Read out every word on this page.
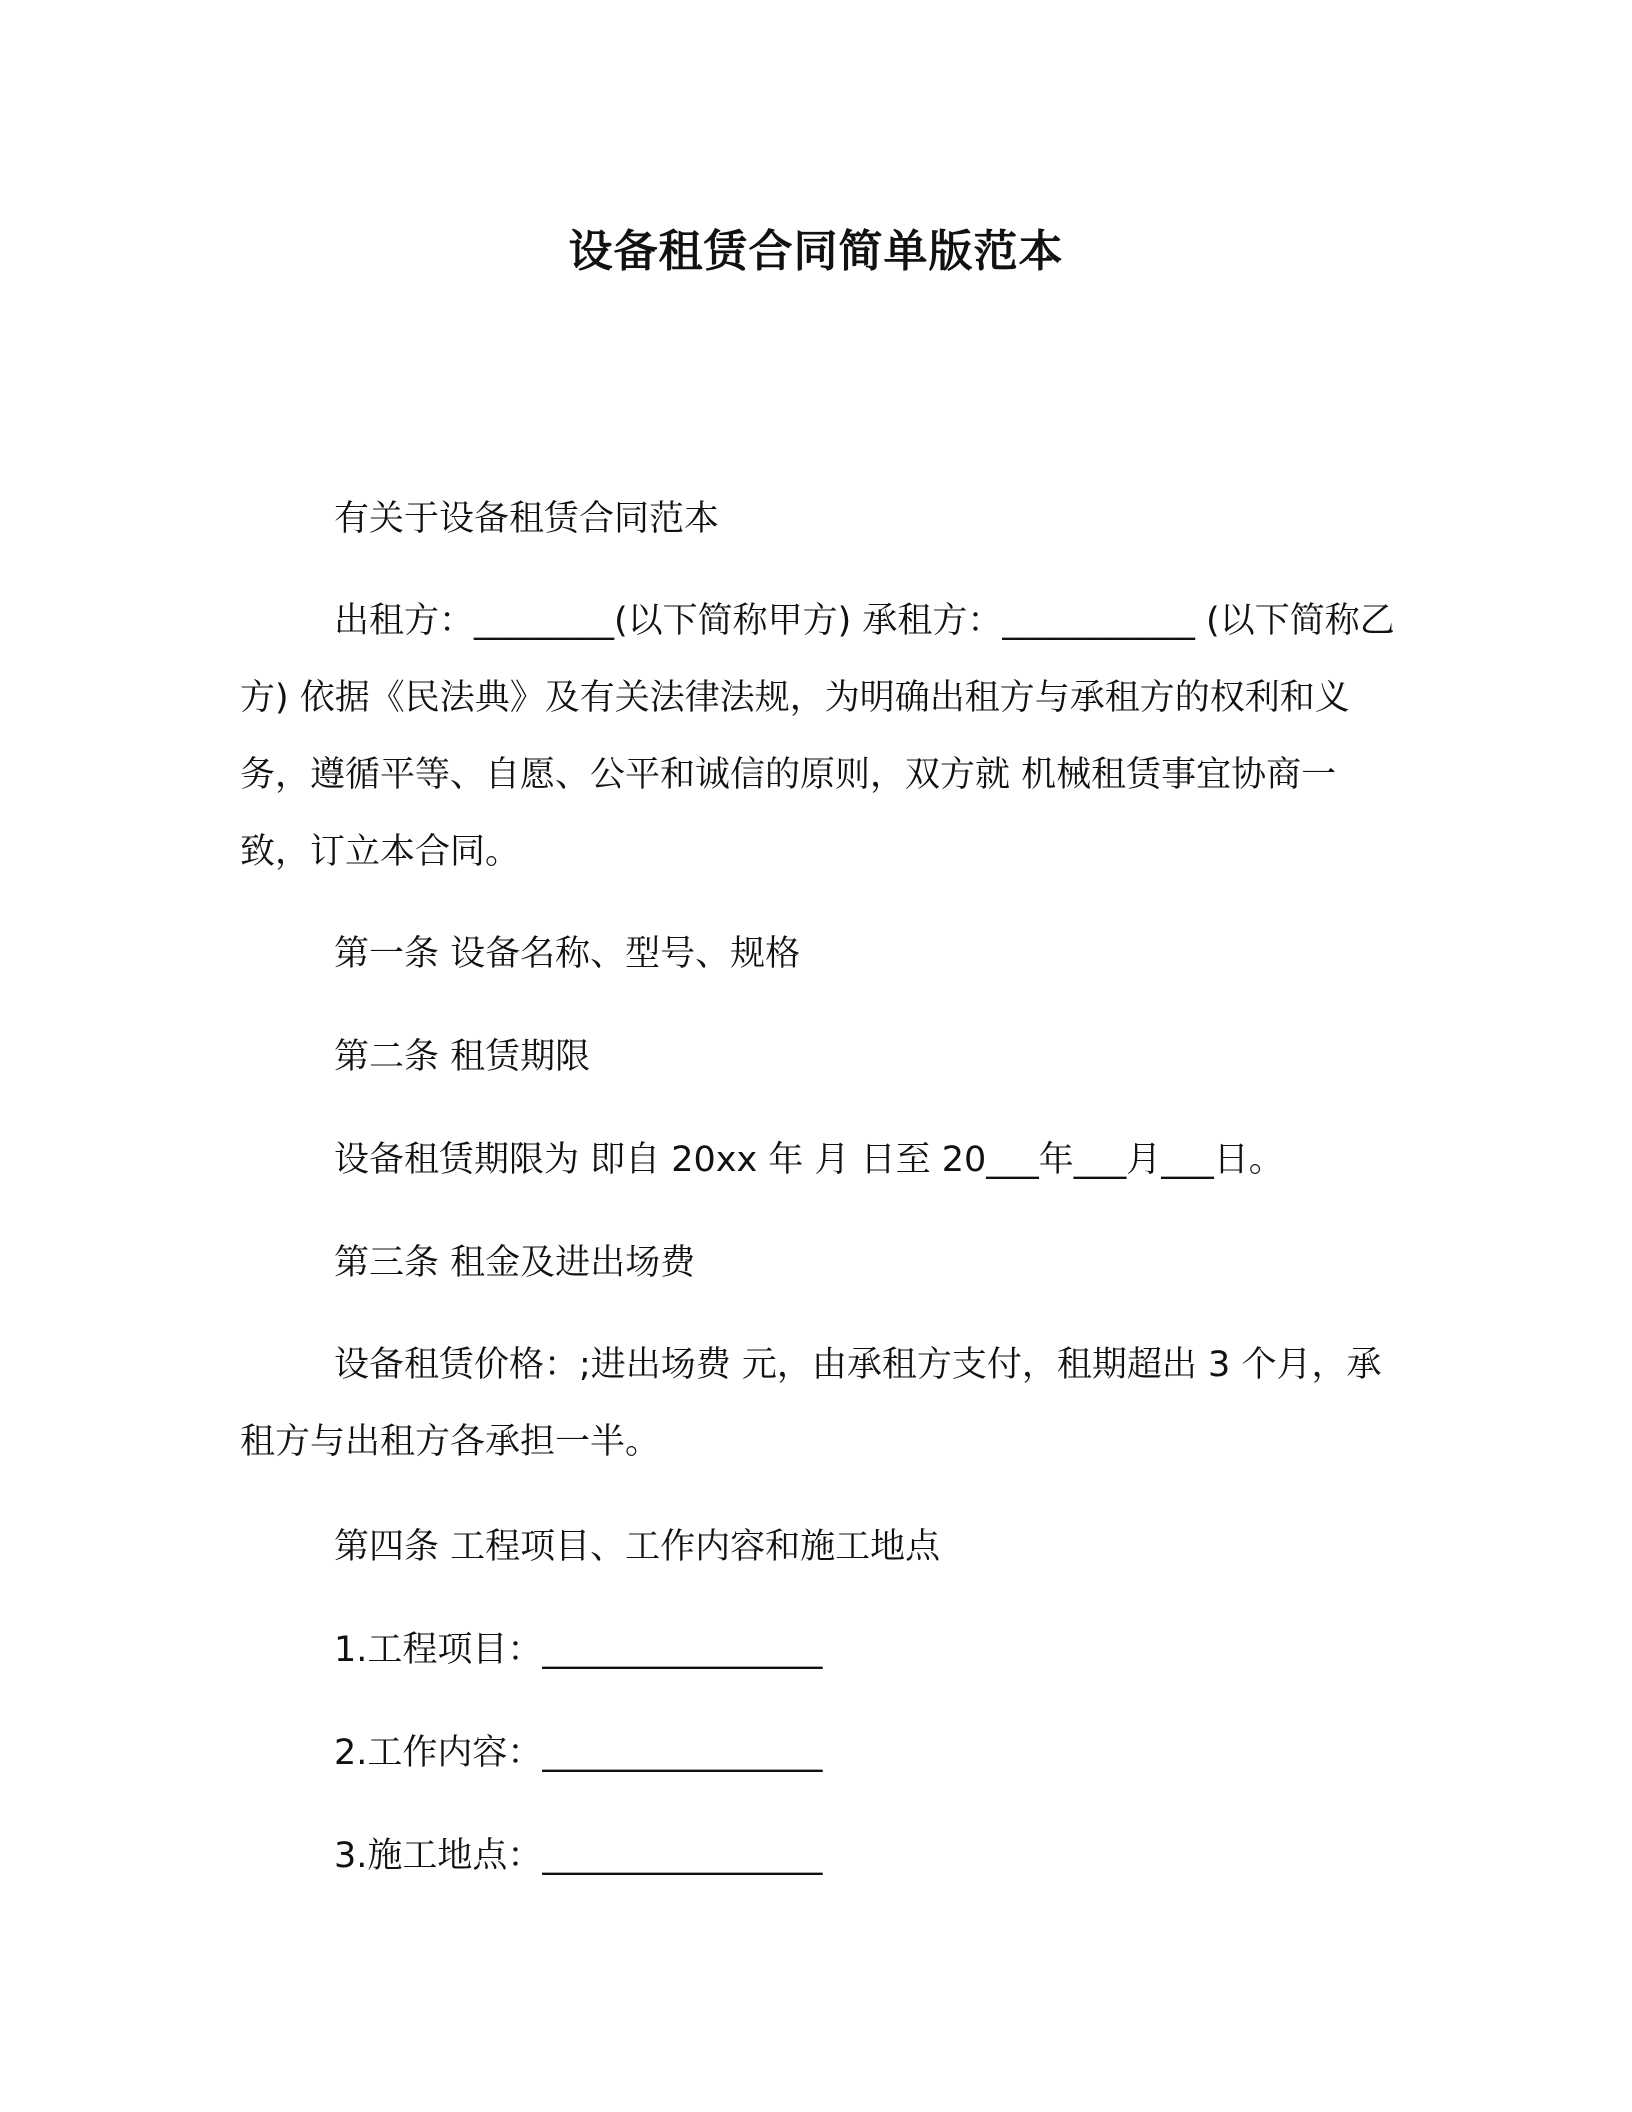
设备租赁合同简单版范本

有关于设备租赁合同范本

出租方：________(以下简称甲方) 承租方：___________ (以下简称乙方) 依据《民法典》及有关法律法规，为明确出租方与承租方的权利和义务，遵循平等、自愿、公平和诚信的原则，双方就 机械租赁事宜协商一致，订立本合同。

第一条 设备名称、型号、规格

第二条 租赁期限

设备租赁期限为 即自 20xx 年 月 日至 20___年___月___日。

第三条 租金及进出场费

设备租赁价格：;进出场费 元，由承租方支付，租期超出 3 个月，承租方与出租方各承担一半。

第四条 工程项目、工作内容和施工地点

1.工程项目：________________

2.工作内容：________________

3.施工地点：________________
